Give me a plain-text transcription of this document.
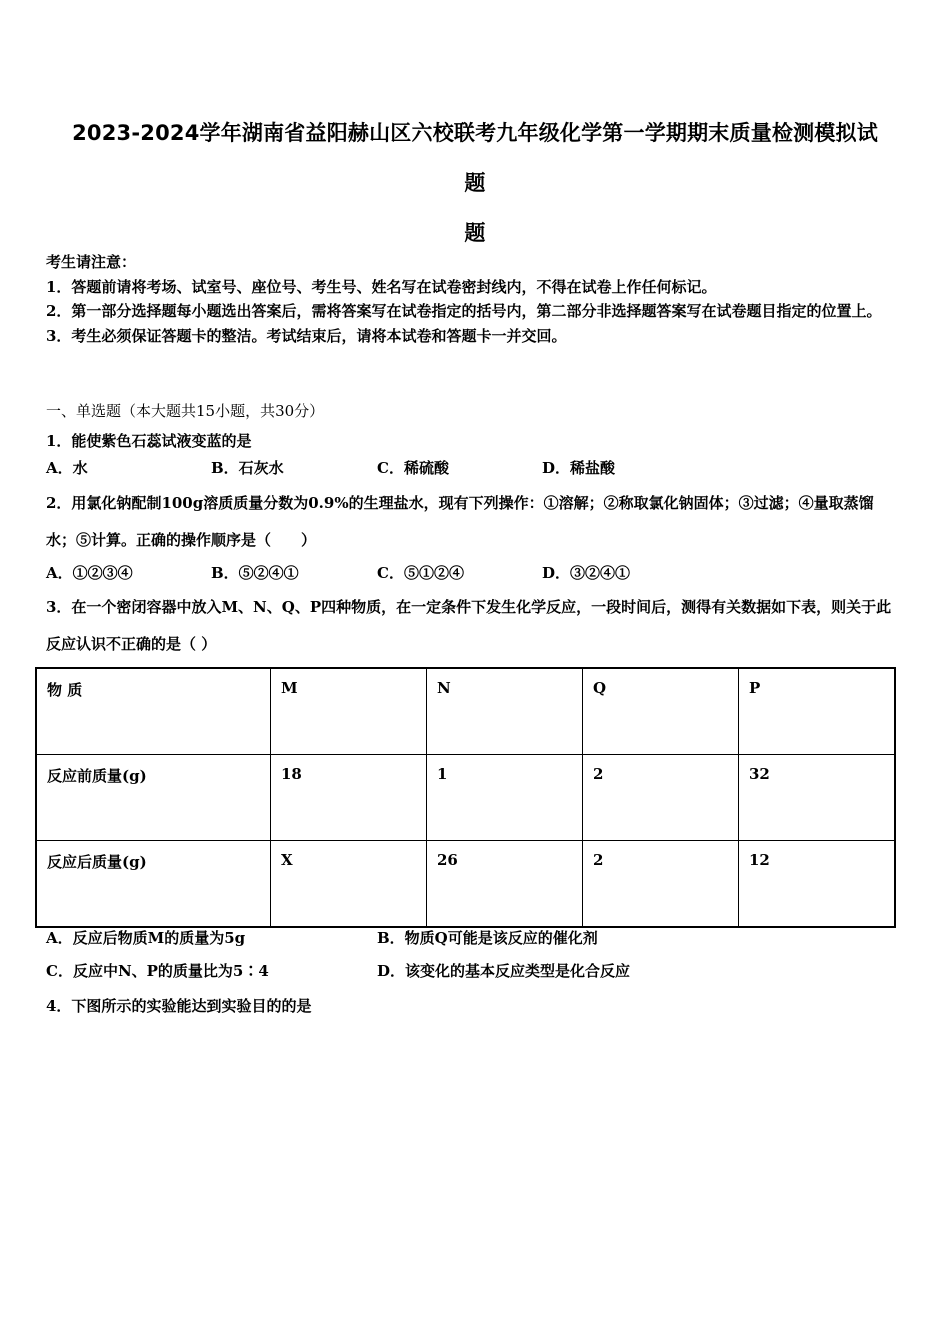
2023-2024学年湖南省益阳赫山区六校联考九年级化学第一学期期末质量检测模拟试
题
题

考生请注意：

1．答题前请将考场、试室号、座位号、考生号、姓名写在试卷密封线内，不得在试卷上作任何标记。

2．第一部分选择题每小题选出答案后，需将答案写在试卷指定的括号内，第二部分非选择题答案写在试卷题目指定的位置上。

3．考生必须保证答题卡的整洁。考试结束后，请将本试卷和答题卡一并交回。

一、单选题（本大题共15小题，共30分）

1．能使紫色石蕊试液变蓝的是

A．水	B．石灰水	C．稀硫酸	D．稀盐酸

2．用氯化钠配制100g溶质质量分数为0.9%的生理盐水，现有下列操作：①溶解；②称取氯化钠固体；③过滤；④量取蒸馏水；⑤计算。正确的操作顺序是（　　）

A．①②③④	B．⑤②④①	C．⑤①②④	D．③②④①

3．在一个密闭容器中放入M、N、Q、P四种物质，在一定条件下发生化学反应，一段时间后，测得有关数据如下表，则关于此反应认识不正确的是（ ）

物 质	M	N	Q	P
反应前质量(g)	18	1	2	32
反应后质量(g)	X	26	2	12
A．反应后物质M的质量为5g	B．物质Q可能是该反应的催化剂
C．反应中N、P的质量比为5∶4	D．该变化的基本反应类型是化合反应

4．下图所示的实验能达到实验目的的是
